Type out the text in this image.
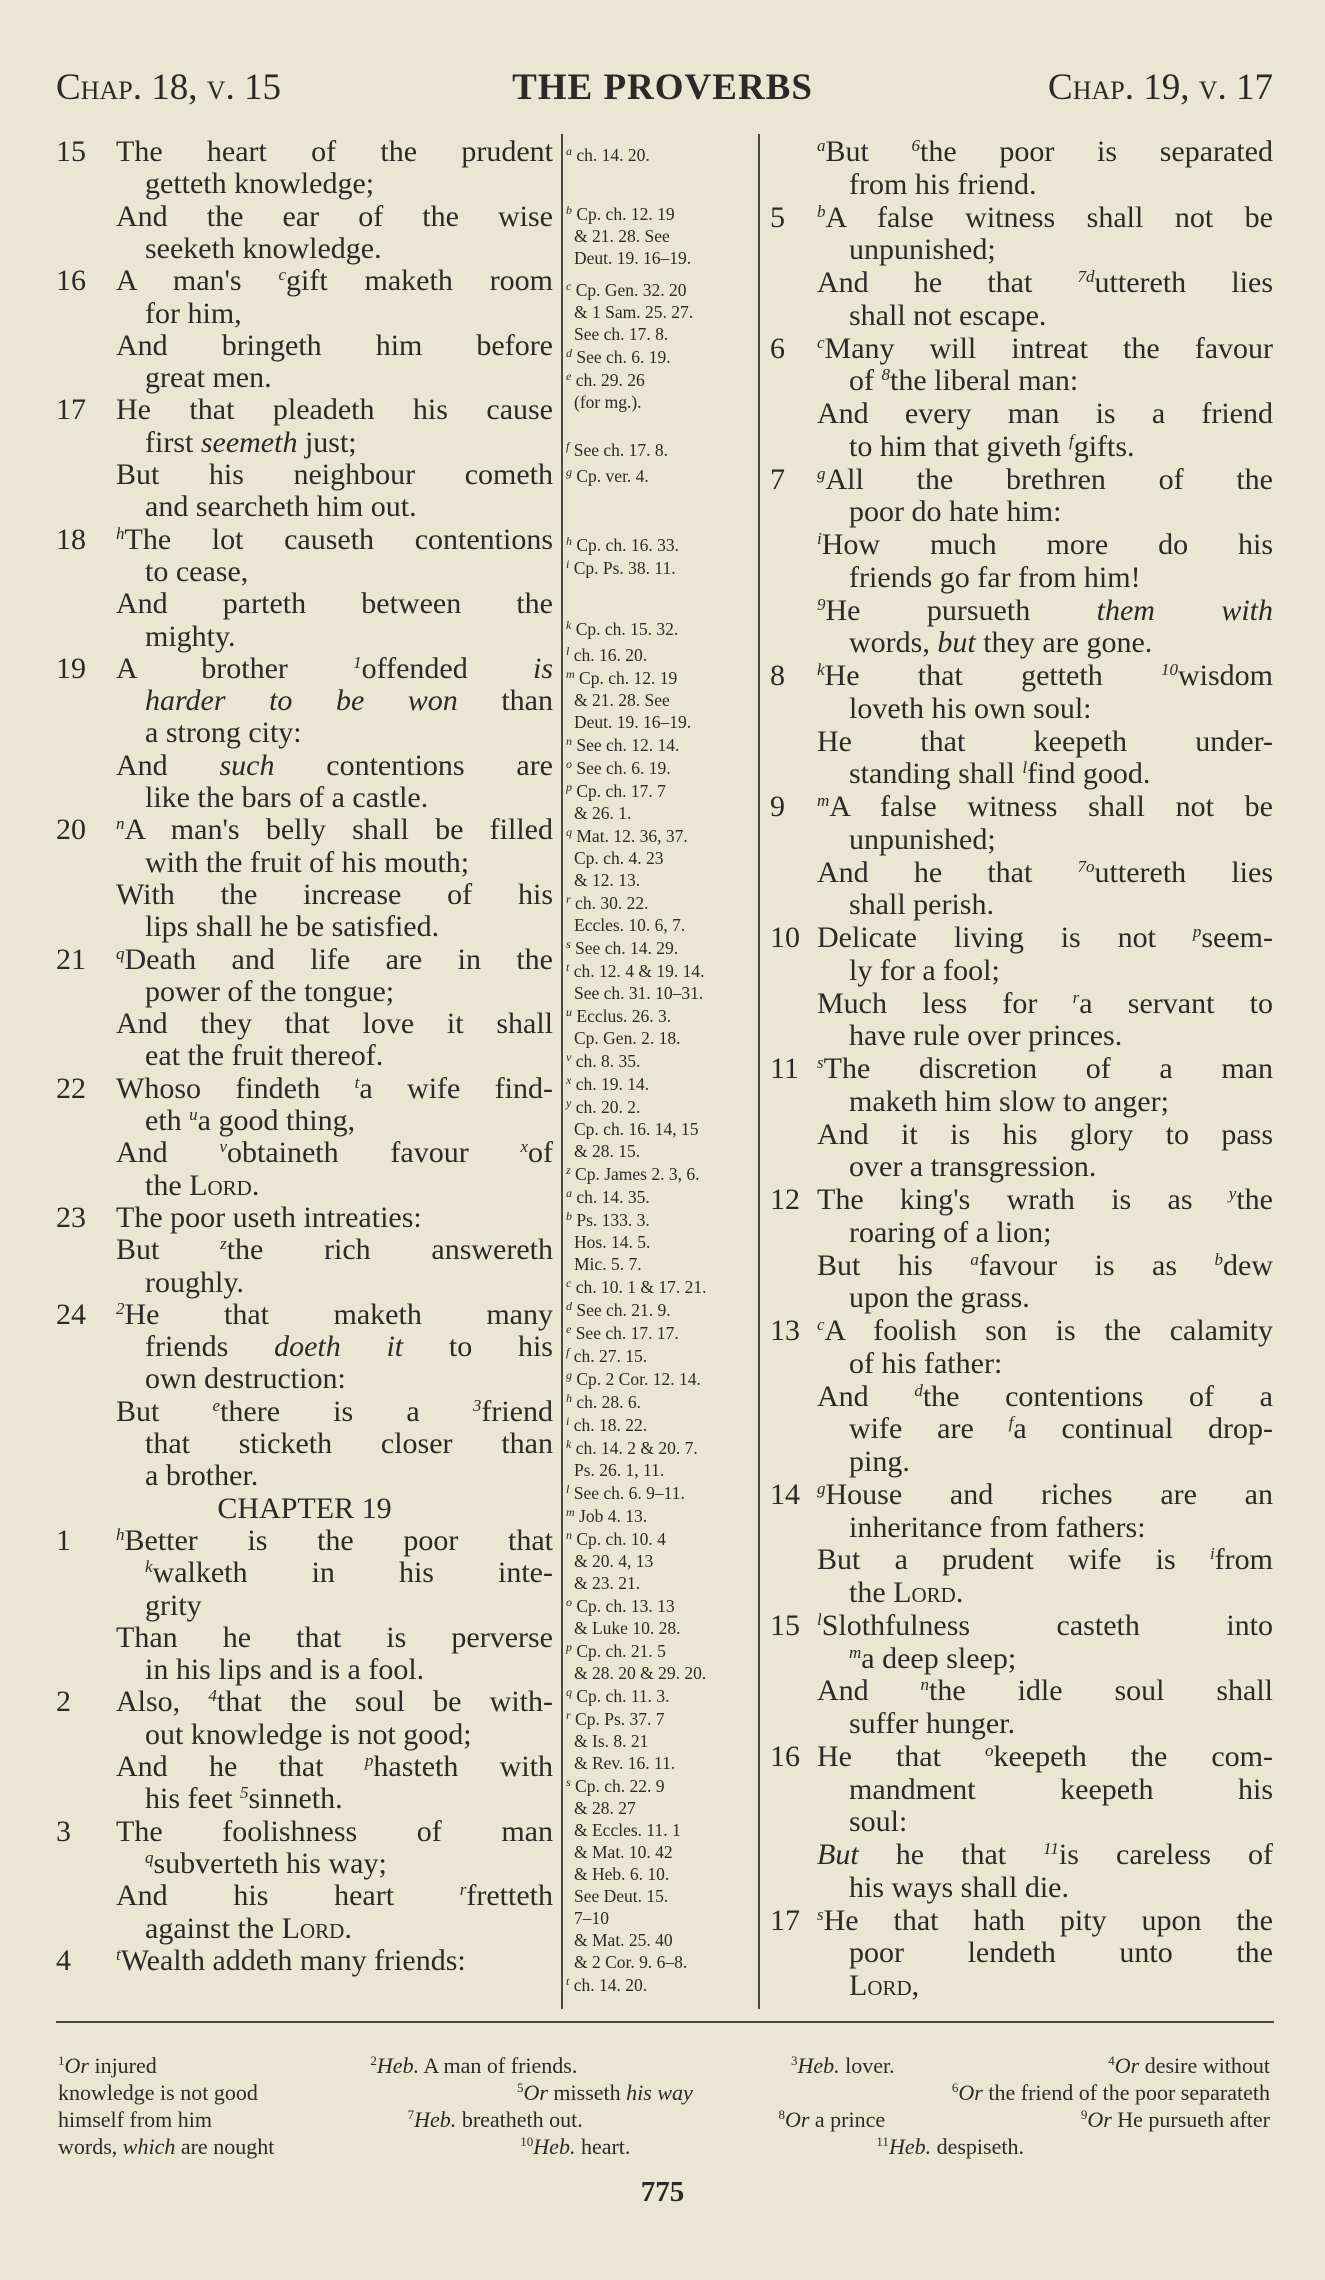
Chap. 18, v. 15	THE PROVERBS	Chap. 19, v. 17
15 The heart of the prudent
getteth knowledge;
And the ear of the wise
seeketh knowledge.
16 A man's $^c$gift maketh room
for him,
And bringeth him before
great men.
17 He that pleadeth his cause
first seemeth just;
But his neighbour cometh
and searcheth him out.
18 $^h$The lot causeth contentions
to cease,
And parteth between the
mighty.
19 A brother $^1$offended is
harder to be won than
a strong city:
And such contentions are
like the bars of a castle.
20 $^n$A man's belly shall be filled
with the fruit of his mouth;
With the increase of his
lips shall he be satisfied.
21 $^q$Death and life are in the
power of the tongue;
And they that love it shall
eat the fruit thereof.
22 Whoso findeth $^t$a wife find-
eth $^u$a good thing,
And $^v$obtaineth favour $^x$of
the Lord.
23 The poor useth intreaties:
But $^z$the rich answereth
roughly.
24 $^2$He that maketh many
friends doeth it to his
own destruction:
But $^e$there is a $^3$friend
that sticketh closer than
a brother.
CHAPTER 19
1	$^h$Better is the poor that
$^k$walketh in his inte-
grity
Than he that is perverse
in his lips and is a fool.
2 Also, $^4$that the soul be with-
out knowledge is not good;
And he that $^p$hasteth with
his feet $^5$sinneth.
3 The foolishness of man
$^q$subverteth his way;
And his heart $^r$fretteth
against the Lord.
4	$^t$Wealth addeth many friends:
$^a$ ch. 14. 20.
$^b$ Cp. ch. 12. 19
& 21. 28. See
Deut. 19. 16–19.
$^c$ Cp. Gen. 32. 20
& 1 Sam. 25. 27.
See ch. 17. 8.
$^d$ See ch. 6. 19.
$^e$ ch. 29. 26
(for mg.).
$^f$ See ch. 17. 8.
$^g$ Cp. ver. 4.
$^h$ Cp. ch. 16. 33.
$^i$ Cp. Ps. 38. 11.
$^k$ Cp. ch. 15. 32.
$^l$ ch. 16. 20.
$^m$ Cp. ch. 12. 19
& 21. 28. See
Deut. 19. 16–19.
$^n$ See ch. 12. 14.
$^o$ See ch. 6. 19.
$^p$ Cp. ch. 17. 7
& 26. 1.
$^q$ Mat. 12. 36, 37.
Cp. ch. 4. 23
& 12. 13.
$^r$ ch. 30. 22.
Eccles. 10. 6, 7.
$^s$ See ch. 14. 29.
$^t$ ch. 12. 4 & 19. 14.
See ch. 31. 10–31.
$^u$ Ecclus. 26. 3.
Cp. Gen. 2. 18.
$^v$ ch. 8. 35.
$^x$ ch. 19. 14.
$^y$ ch. 20. 2.
Cp. ch. 16. 14, 15
& 28. 15.
$^z$ Cp. James 2. 3, 6.
$^a$ ch. 14. 35.
$^b$ Ps. 133. 3.
Hos. 14. 5.
Mic. 5. 7.
$^c$ ch. 10. 1 & 17. 21.
$^d$ See ch. 21. 9.
$^e$ See ch. 17. 17.
$^f$ ch. 27. 15.
$^g$ Cp. 2 Cor. 12. 14.
$^h$ ch. 28. 6.
$^i$ ch. 18. 22.
$^k$ ch. 14. 2 & 20. 7.
Ps. 26. 1, 11.
$^l$ See ch. 6. 9–11.
$^m$ Job 4. 13.
$^n$ Cp. ch. 10. 4
& 20. 4, 13
& 23. 21.
$^o$ Cp. ch. 13. 13
& Luke 10. 28.
$^p$ Cp. ch. 21. 5
& 28. 20 & 29. 20.
$^q$ Cp. ch. 11. 3.
$^r$ Cp. Ps. 37. 7
& Is. 8. 21
& Rev. 16. 11.
$^s$ Cp. ch. 22. 9
& 28. 27
& Eccles. 11. 1
& Mat. 10. 42
& Heb. 6. 10.
See Deut. 15.
7–10
& Mat. 25. 40
& 2 Cor. 9. 6–8.
$^t$ ch. 14. 20.
$^a$But $^6$the poor is separated
from his friend.
5 $^b$A false witness shall not be
unpunished;
And he that $^{7d}$uttereth lies
shall not escape.
6 $^c$Many will intreat the favour
of $^8$the liberal man:
And every man is a friend
to him that giveth $^f$gifts.
7 $^g$All the brethren of the
poor do hate him:
$^i$How much more do his
friends go far from him!
$^9$He pursueth them with
words, but they are gone.
8 $^k$He that getteth $^{10}$wisdom
loveth his own soul:
He that keepeth under-
standing shall $^l$find good.
9 $^m$A false witness shall not be
unpunished;
And he that $^{7o}$uttereth lies
shall perish.
10 Delicate living is not $^p$seem-
ly for a fool;
Much less for $^r$a servant to
have rule over princes.
11 $^s$The discretion of a man
maketh him slow to anger;
And it is his glory to pass
over a transgression.
12 The king's wrath is as $^y$the
roaring of a lion;
But his $^a$favour is as $^b$dew
upon the grass.
13 $^c$A foolish son is the calamity
of his father:
And $^d$the contentions of a
wife are $^f$a continual drop-
ping.
14 $^g$House and riches are an
inheritance from fathers:
But a prudent wife is $^i$from
the Lord.
15 $^l$Slothfulness casteth into
$^m$a deep sleep;
And $^n$the idle soul shall
suffer hunger.
16 He that $^o$keepeth the com-
mandment keepeth his
soul:
But he that $^{11}$is careless of
his ways shall die.
17 $^s$He that hath pity upon the
poor lendeth unto the
Lord,
$^1$Or injured	$^2$Heb. A man of friends.	$^3$Heb. lover.	$^4$Or desire without
knowledge is not good	$^5$Or misseth his way	$^6$Or the friend of the poor separateth
himself from him	$^7$Heb. breatheth out.	$^8$Or a prince	$^9$Or He pursueth after
words, which are nought	$^{10}$Heb. heart.	$^{11}$Heb. despiseth.
775
